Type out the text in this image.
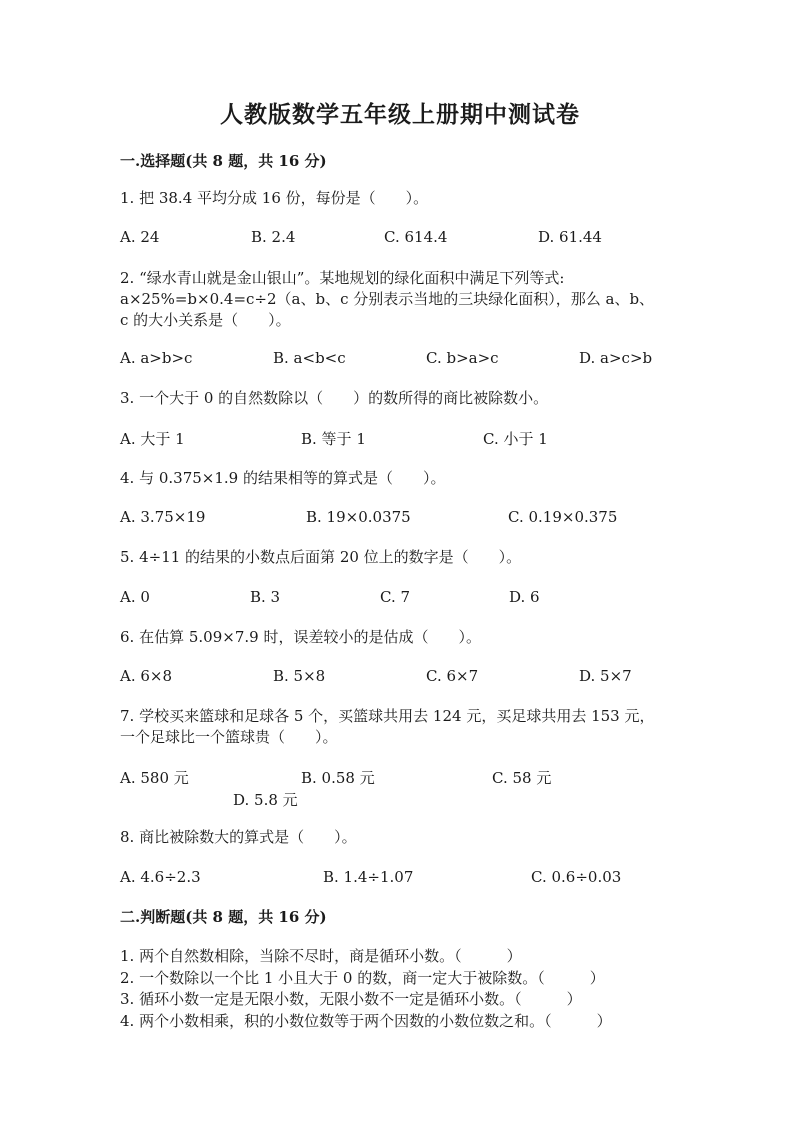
人教版数学五年级上册期中测试卷
一.选择题(共 8 题，共 16 分)
1. 把 38.4 平均分成 16 份，每份是（　　）。
A. 24	B. 2.4	C. 614.4	D. 61.44
2. “绿水青山就是金山银山”。某地规划的绿化面积中满足下列等式:
a×25%=b×0.4=c÷2（a、b、c 分别表示当地的三块绿化面积），那么 a、b、
c 的大小关系是（　　）。
A. a>b>c	B. a<b<c	C. b>a>c	D. a>c>b
3. 一个大于 0 的自然数除以（　　）的数所得的商比被除数小。
A. 大于 1	B. 等于 1	C. 小于 1
4. 与 0.375×1.9 的结果相等的算式是（　　）。
A. 3.75×19	B. 19×0.0375	C. 0.19×0.375
5. 4÷11 的结果的小数点后面第 20 位上的数字是（　　）。
A. 0	B. 3	C. 7	D. 6
6. 在估算 5.09×7.9 时，误差较小的是估成（　　）。
A. 6×8	B. 5×8	C. 6×7	D. 5×7
7. 学校买来篮球和足球各 5 个，买篮球共用去 124 元，买足球共用去 153 元，
一个足球比一个篮球贵（　　）。
A. 580 元	B. 0.58 元	C. 58 元
D. 5.8 元
8. 商比被除数大的算式是（　　）。
A. 4.6÷2.3	B. 1.4÷1.07	C. 0.6÷0.03
二.判断题(共 8 题，共 16 分)
1. 两个自然数相除，当除不尽时，商是循环小数。（　　　）
2. 一个数除以一个比 1 小且大于 0 的数，商一定大于被除数。（　　　）
3. 循环小数一定是无限小数，无限小数不一定是循环小数。（　　　）
4. 两个小数相乘，积的小数位数等于两个因数的小数位数之和。（　　　）
